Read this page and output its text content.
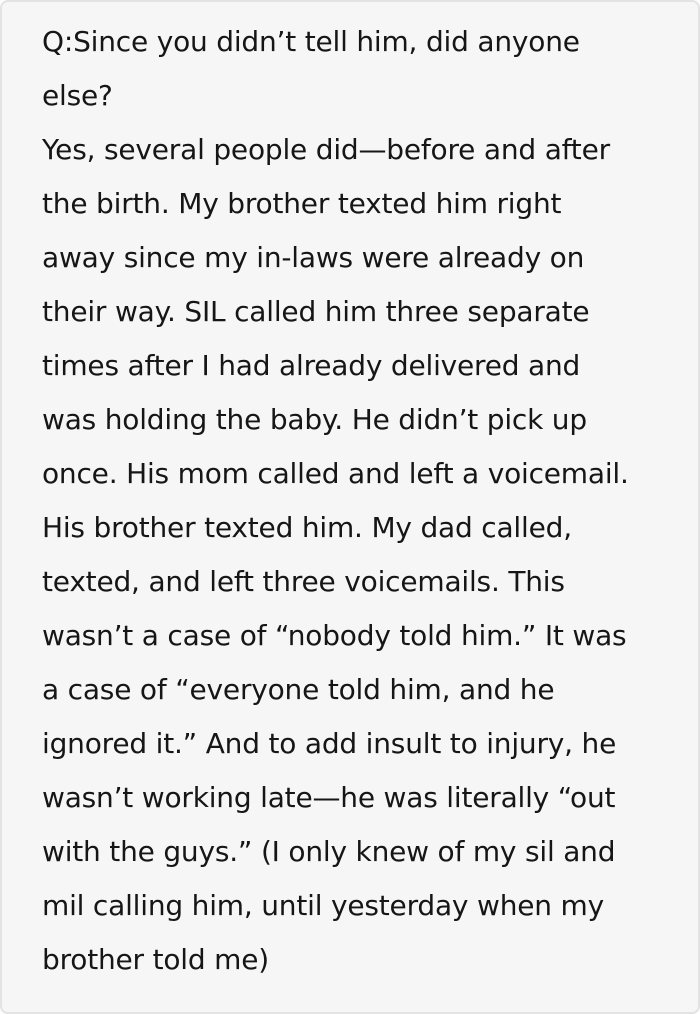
Q:Since you didn’t tell him, did anyone
else?
Yes, several people did—before and after
the birth. My brother texted him right
away since my in-laws were already on
their way. SIL called him three separate
times after I had already delivered and
was holding the baby. He didn’t pick up
once. His mom called and left a voicemail.
His brother texted him. My dad called,
texted, and left three voicemails. This
wasn’t a case of “nobody told him.” It was
a case of “everyone told him, and he
ignored it.” And to add insult to injury, he
wasn’t working late—he was literally “out
with the guys.” (I only knew of my sil and
mil calling him, until yesterday when my
brother told me)
